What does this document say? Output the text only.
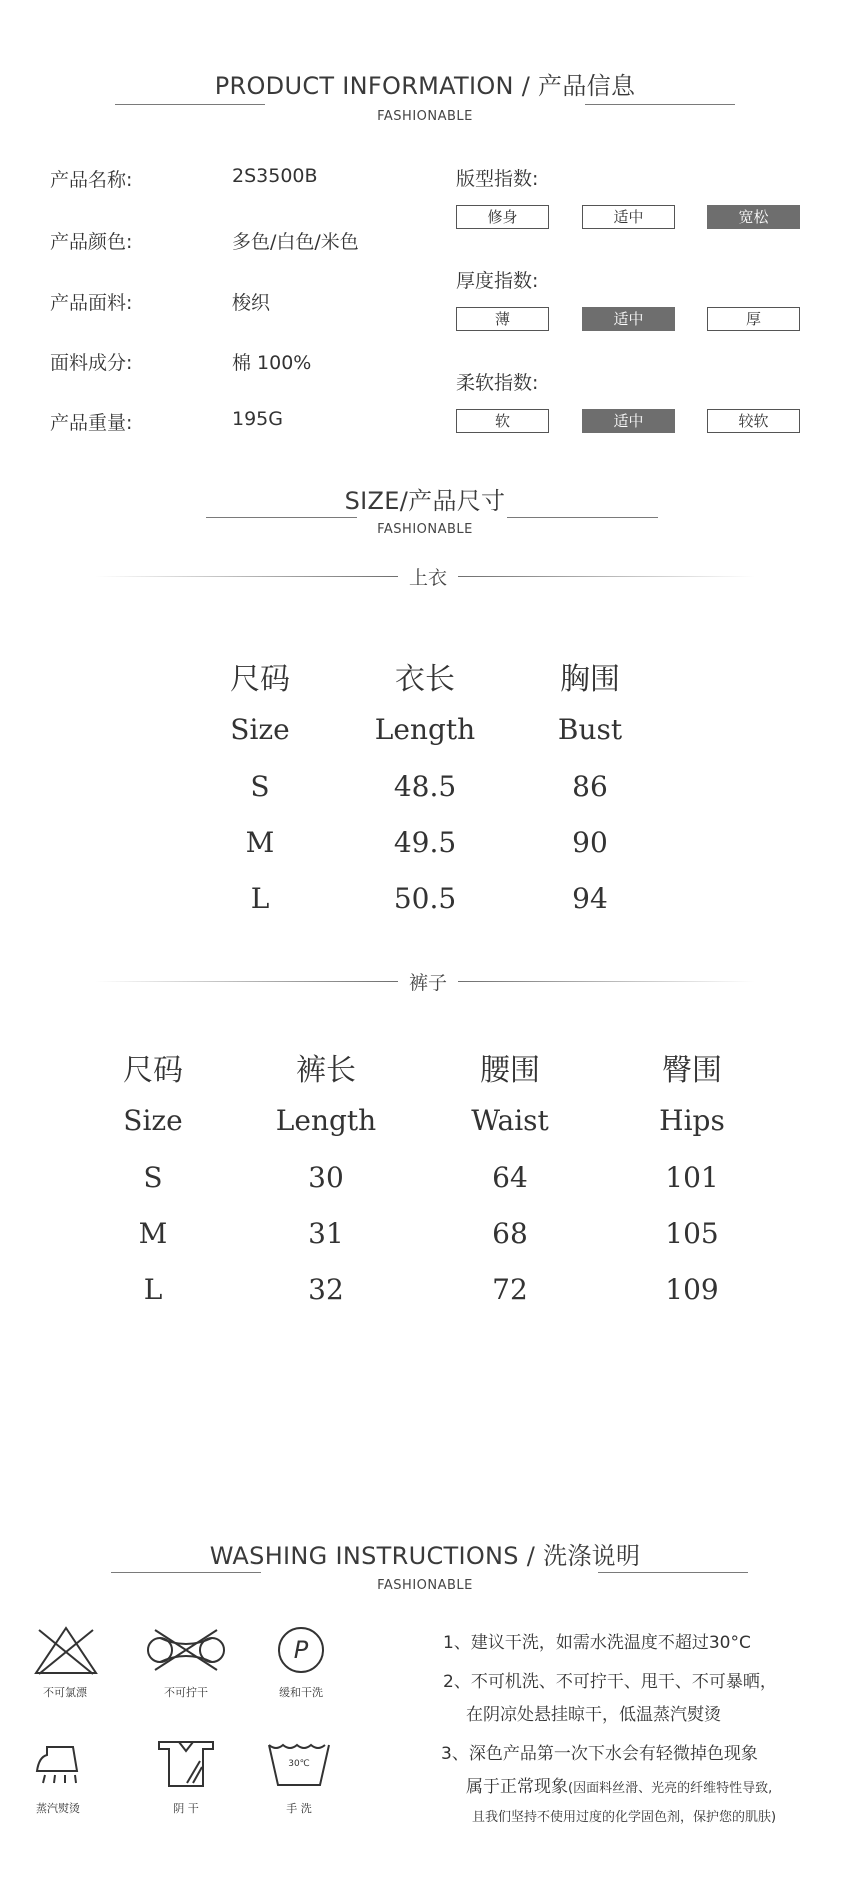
PRODUCT INFORMATION / 产品信息
FASHIONABLE
产品名称:	2S3500B
产品颜色:	多色/白色/米色
产品面料:	梭织
面料成分:	棉 100%
产品重量:	195G
版型指数:
修身	适中	宽松
厚度指数:
薄	适中	厚
柔软指数:
软	适中	较软
SIZE/产品尺寸
FASHIONABLE
上衣
尺码	衣长	胸围
Size	Length	Bust
S	48.5	86
M	49.5	90
L	50.5	94
裤子
尺码	裤长	腰围	臀围
Size	Length	Waist	Hips
S	30	64	101
M	31	68	105
L	32	72	109
WASHING INSTRUCTIONS / 洗涤说明
FASHIONABLE
不可氯漂	不可拧干
P
缓和干洗
蒸汽熨烫	阴 干
30℃
手 洗
1、建议干洗，如需水洗温度不超过30°C
2、不可机洗、不可拧干、甩干、不可暴晒，
在阴凉处悬挂晾干，低温蒸汽熨烫
3、深色产品第一次下水会有轻微掉色现象
属于正常现象(因面料丝滑、光亮的纤维特性导致,
且我们坚持不使用过度的化学固色剂，保护您的肌肤)
